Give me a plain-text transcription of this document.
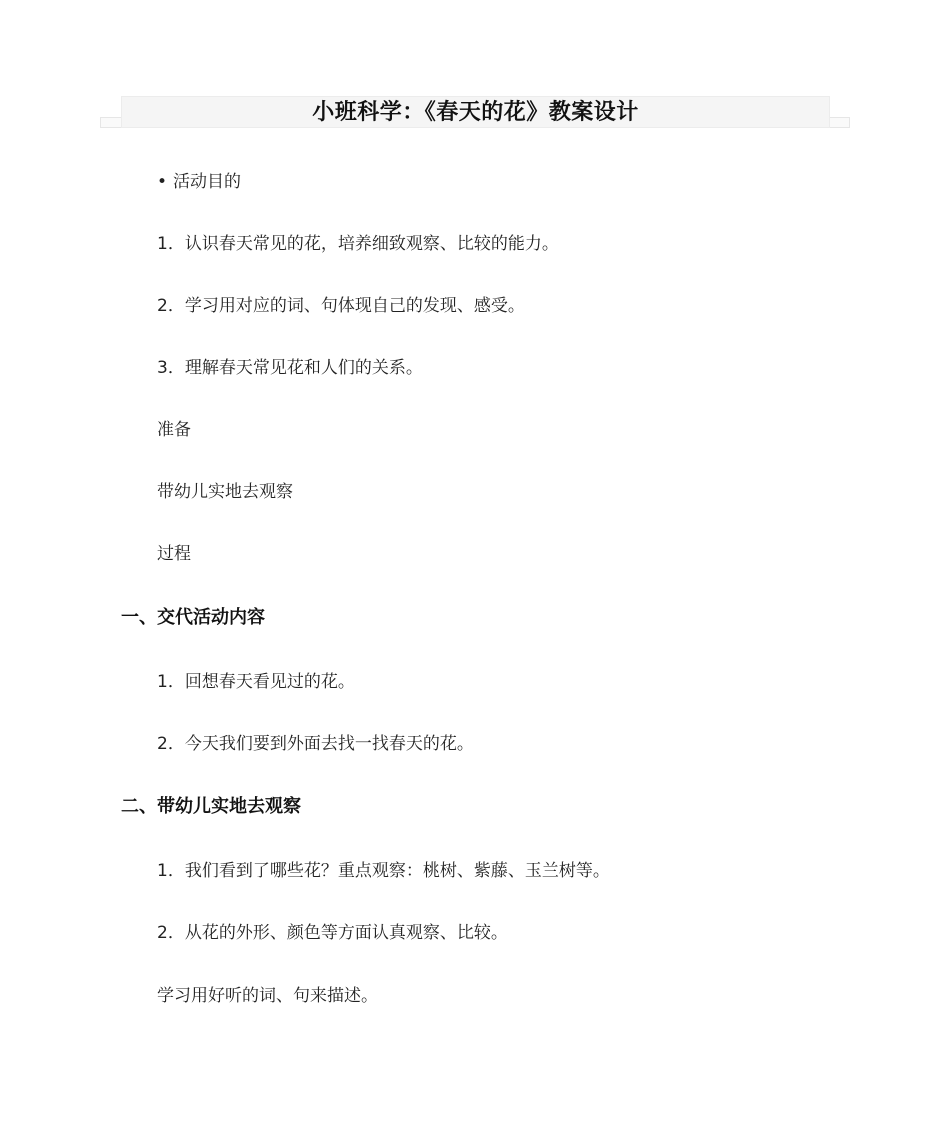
小班科学：《春天的花》教案设计
• 活动目的
1．认识春天常见的花，培养细致观察、比较的能力。
2．学习用对应的词、句体现自己的发现、感受。
3．理解春天常见花和人们的关系。
准备
带幼儿实地去观察
过程
一、交代活动内容
1．回想春天看见过的花。
2．今天我们要到外面去找一找春天的花。
二、带幼儿实地去观察
1．我们看到了哪些花？重点观察：桃树、紫藤、玉兰树等。
2．从花的外形、颜色等方面认真观察、比较。
学习用好听的词、句来描述。
